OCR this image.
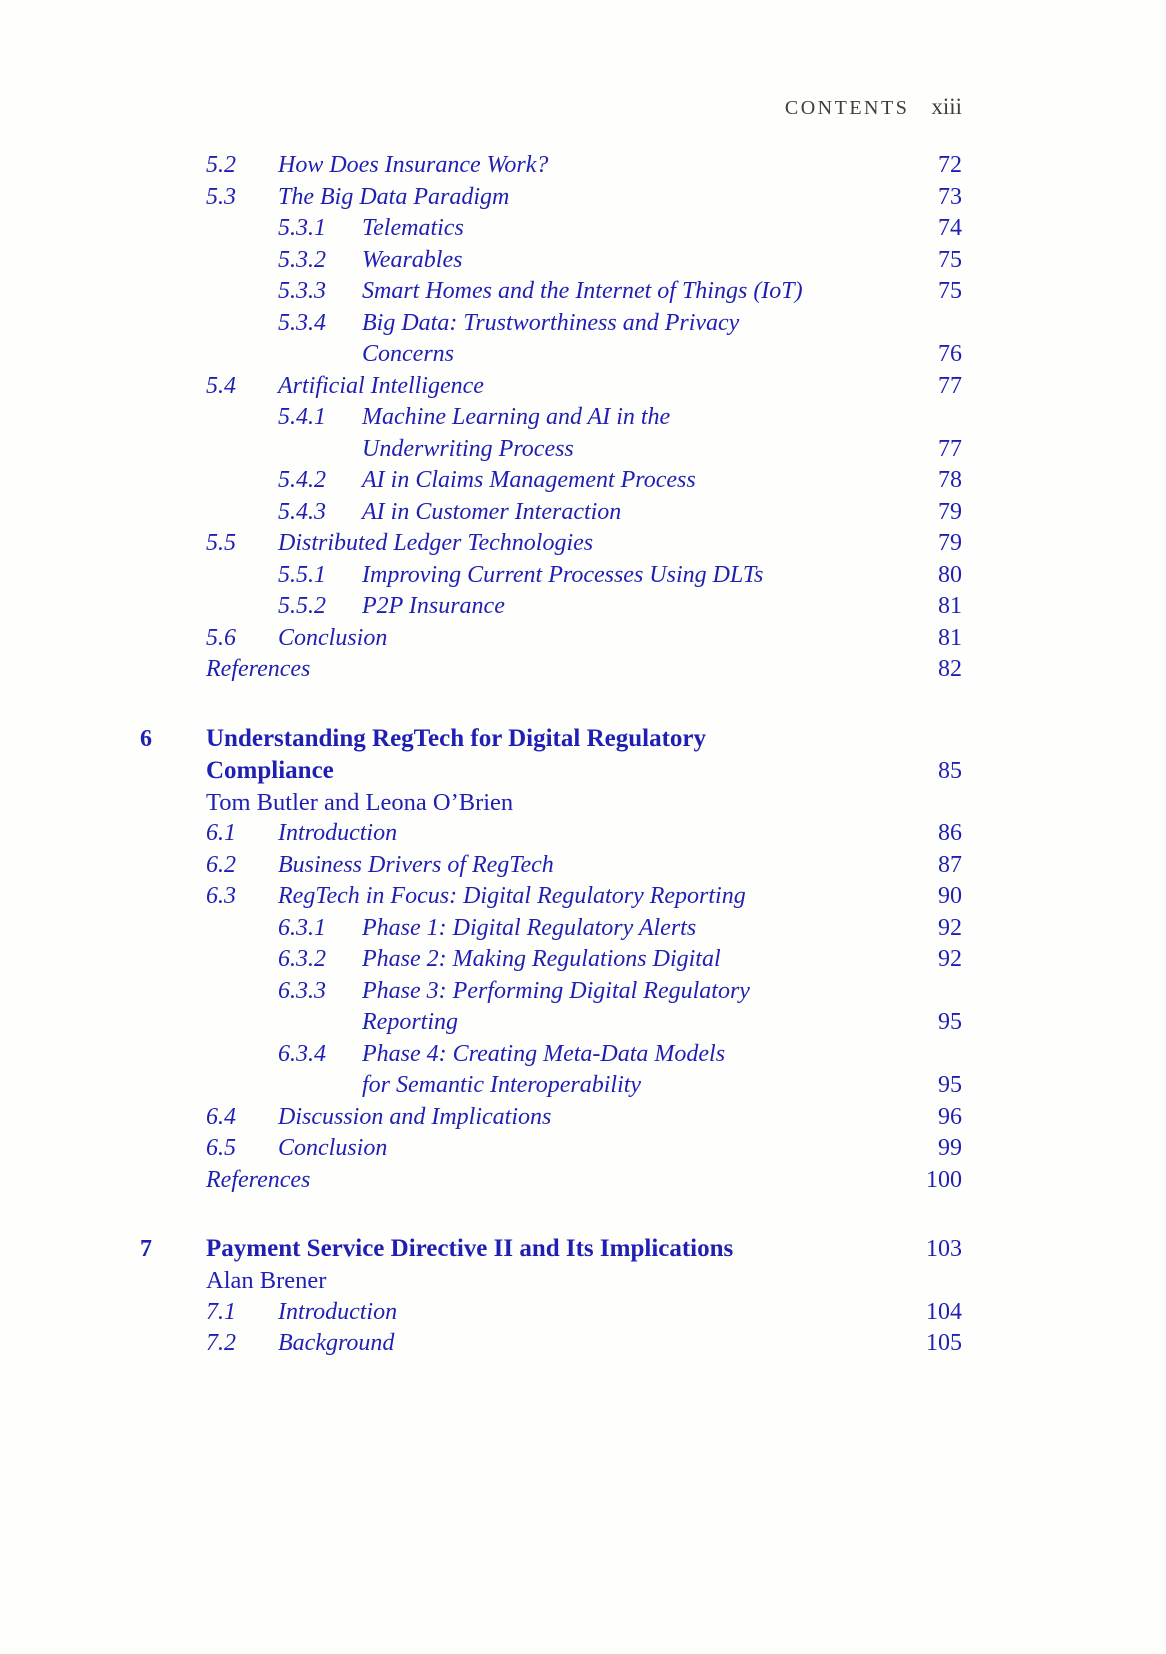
CONTENTS xiii
5.2	How Does Insurance Work?	72
5.3	The Big Data Paradigm	73
5.3.1	Telematics	74
5.3.2	Wearables	75
5.3.3	Smart Homes and the Internet of Things (IoT)	75
5.3.4	Big Data: Trustworthiness and Privacy
Concerns	76
5.4	Artificial Intelligence	77
5.4.1	Machine Learning and AI in the
Underwriting Process	77
5.4.2	AI in Claims Management Process	78
5.4.3	AI in Customer Interaction	79
5.5	Distributed Ledger Technologies	79
5.5.1	Improving Current Processes Using DLTs	80
5.5.2	P2P Insurance	81
5.6	Conclusion	81
References	82
6	Understanding RegTech for Digital Regulatory
Compliance	85
Tom Butler and Leona O’Brien
6.1	Introduction	86
6.2	Business Drivers of RegTech	87
6.3	RegTech in Focus: Digital Regulatory Reporting	90
6.3.1	Phase 1: Digital Regulatory Alerts	92
6.3.2	Phase 2: Making Regulations Digital	92
6.3.3	Phase 3: Performing Digital Regulatory
Reporting	95
6.3.4	Phase 4: Creating Meta-Data Models
for Semantic Interoperability	95
6.4	Discussion and Implications	96
6.5	Conclusion	99
References	100
7	Payment Service Directive II and Its Implications	103
Alan Brener
7.1	Introduction	104
7.2	Background	105
